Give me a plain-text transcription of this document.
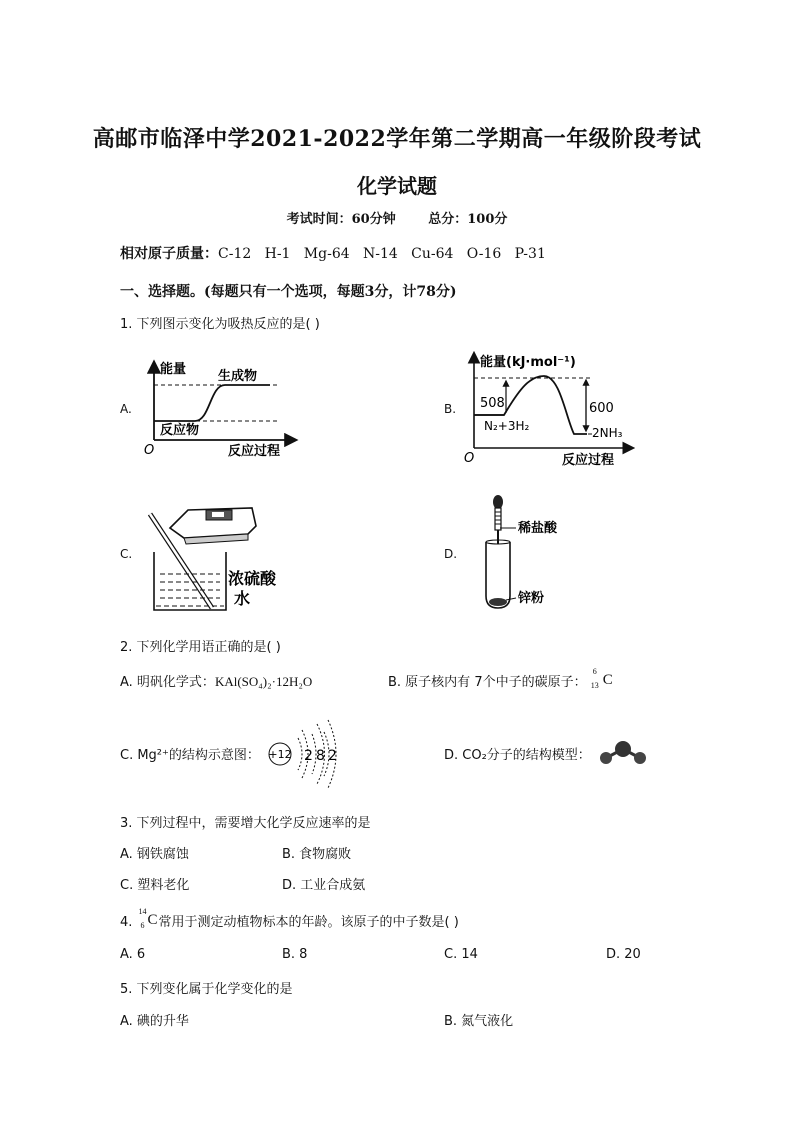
高邮市临泽中学2021-2022学年第二学期高一年级阶段考试
化学试题
考试时间：60分钟	总分：100分
相对原子质量：C-12   H-1   Mg-64   N-14   Cu-64   O-16   P-31
一、选择题。(每题只有一个选项，每题3分，计78分)
1. 下列图示变化为吸热反应的是( )
A.	B.
C.	D.
能量 生成物
反应物
O	反应过程
能量(kJ·mol⁻¹)
508	600
N₂+3H₂	2NH₃
O	反应过程
浓硫酸
水
稀盐酸
锌粉
2. 下列化学用语正确的是( )
A. 明矾化学式：KAl(SO₄)₂·12H₂O	B. 原子核内有 7个中子的碳原子：
6
13 C
C. Mg²⁺的结构示意图： +12 2 8 2	D. CO₂分子的结构模型：
3. 下列过程中，需要增大化学反应速率的是
A. 钢铁腐蚀	B. 食物腐败
C. 塑料老化	D. 工业合成氨
4.
14
6 C 常用于测定动植物标本的年龄。该原子的中子数是( )
A. 6	B. 8	C. 14	D. 20
5. 下列变化属于化学变化的是
A. 碘的升华	B. 氮气液化
